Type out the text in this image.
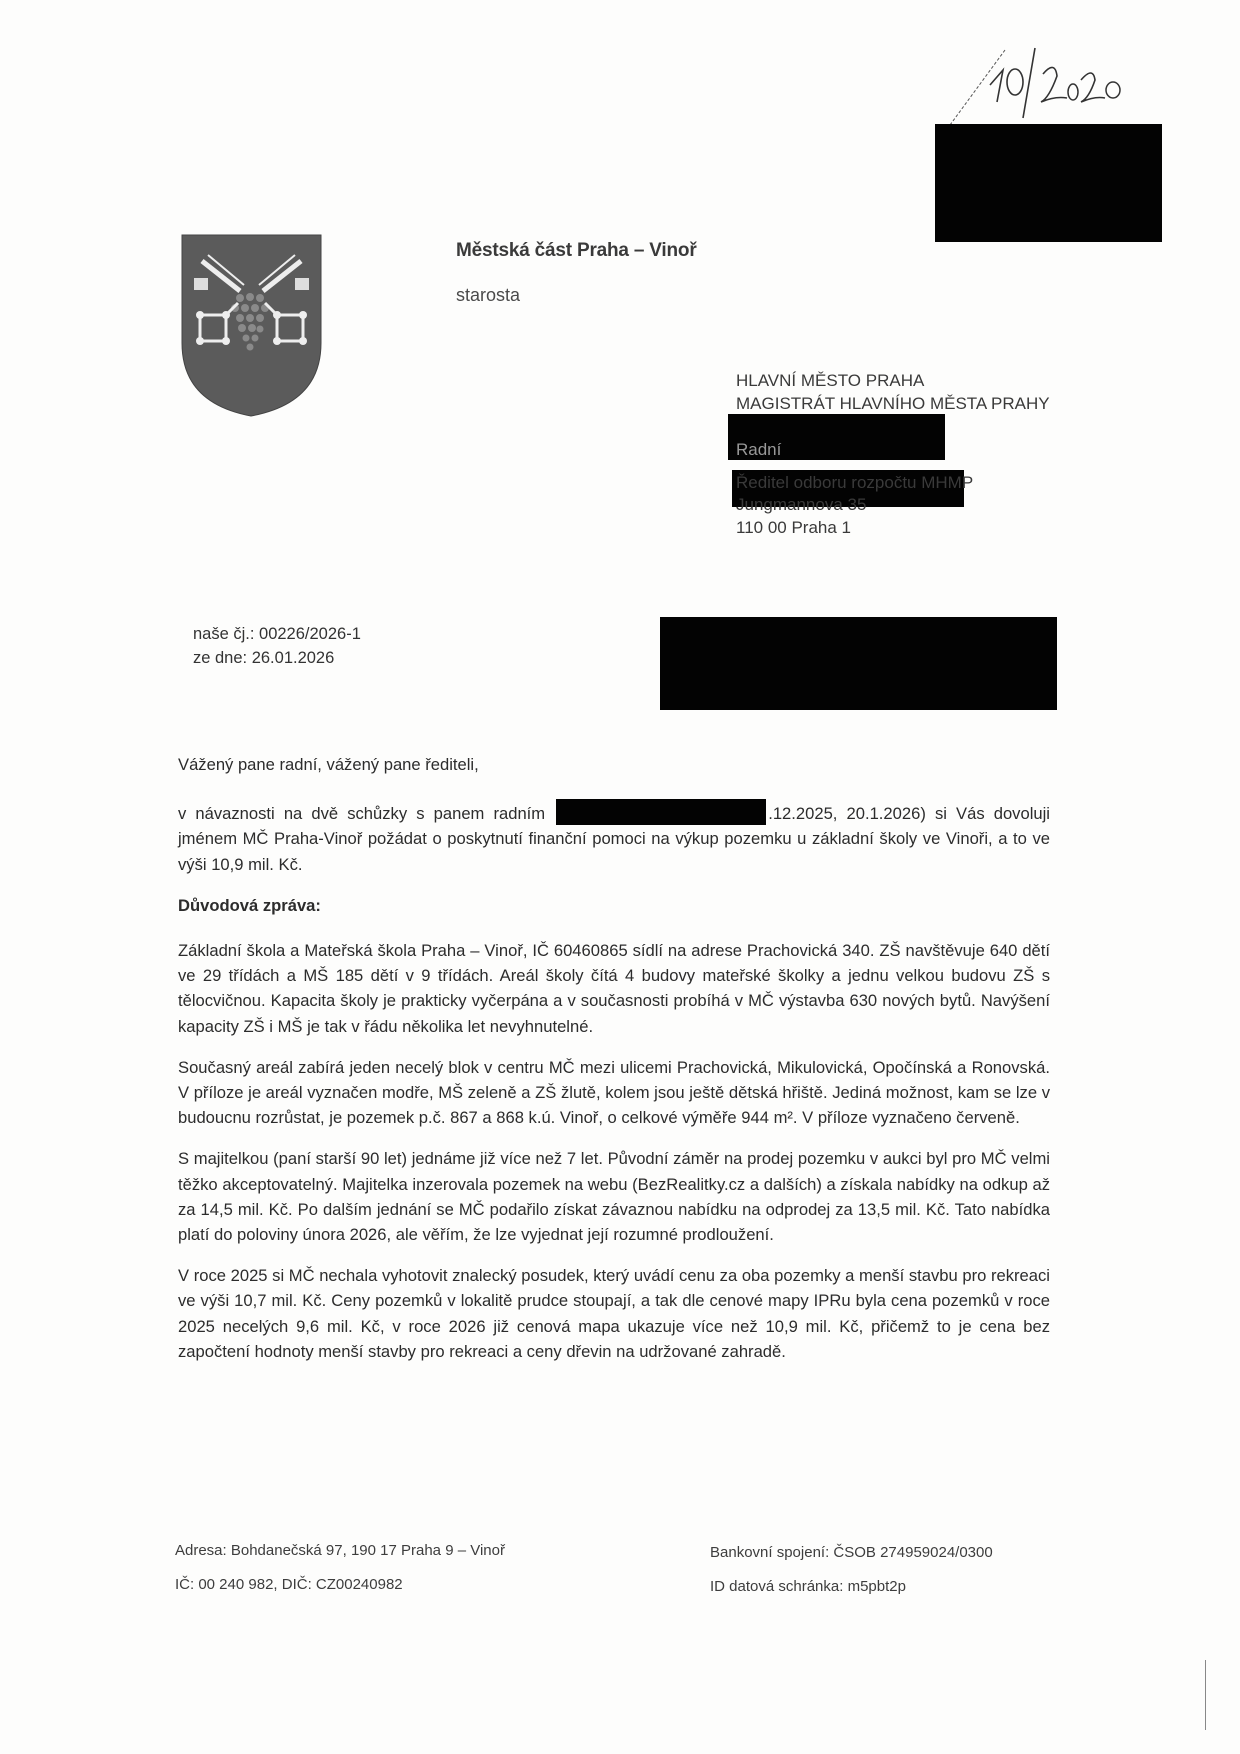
Městská část Praha – Vinoř
starosta
HLAVNÍ MĚSTO PRAHA
MAGISTRÁT HLAVNÍHO MĚSTA PRAHY
Radní
Ředitel odboru rozpočtu MHMP
Jungmannova 35
110 00 Praha 1
naše čj.: 00226/2026-1
ze dne: 26.01.2026

Vážený pane radní, vážený pane řediteli,

v návaznosti na dvě schůzky s panem radním	.12.2025, 20.1.2026) si Vás dovoluji jménem MČ Praha-Vinoř požádat o poskytnutí finanční pomoci na výkup pozemku u základní školy ve Vinoři, a to ve výši 10,9 mil. Kč.

Důvodová zpráva:

Základní škola a Mateřská škola Praha – Vinoř, IČ 60460865 sídlí na adrese Prachovická 340. ZŠ navštěvuje 640 dětí ve 29 třídách a MŠ 185 dětí v 9 třídách. Areál školy čítá 4 budovy mateřské školky a jednu velkou budovu ZŠ s tělocvičnou. Kapacita školy je prakticky vyčerpána a v současnosti probíhá v MČ výstavba 630 nových bytů. Navýšení kapacity ZŠ i MŠ je tak v řádu několika let nevyhnutelné.

Současný areál zabírá jeden necelý blok v centru MČ mezi ulicemi Prachovická, Mikulovická, Opočínská a Ronovská. V příloze je areál vyznačen modře, MŠ zeleně a ZŠ žlutě, kolem jsou ještě dětská hřiště. Jediná možnost, kam se lze v budoucnu rozrůstat, je pozemek p.č. 867 a 868 k.ú. Vinoř, o celkové výměře 944 m². V příloze vyznačeno červeně.

S majitelkou (paní starší 90 let) jednáme již více než 7 let. Původní záměr na prodej pozemku v aukci byl pro MČ velmi těžko akceptovatelný. Majitelka inzerovala pozemek na webu (BezRealitky.cz a dalších) a získala nabídky na odkup až za 14,5 mil. Kč. Po dalším jednání se MČ podařilo získat závaznou nabídku na odprodej za 13,5 mil. Kč. Tato nabídka platí do poloviny února 2026, ale věřím, že lze vyjednat její rozumné prodloužení.

V roce 2025 si MČ nechala vyhotovit znalecký posudek, který uvádí cenu za oba pozemky a menší stavbu pro rekreaci ve výši 10,7 mil. Kč. Ceny pozemků v lokalitě prudce stoupají, a tak dle cenové mapy IPRu byla cena pozemků v roce 2025 necelých 9,6 mil. Kč, v roce 2026 již cenová mapa ukazuje více než 10,9 mil. Kč, přičemž to je cena bez započtení hodnoty menší stavby pro rekreaci a ceny dřevin na udržované zahradě.

Adresa: Bohdanečská 97, 190 17 Praha 9 – Vinoř
IČ: 00 240 982, DIČ: CZ00240982
Bankovní spojení: ČSOB 274959024/0300
ID datová schránka: m5pbt2p
